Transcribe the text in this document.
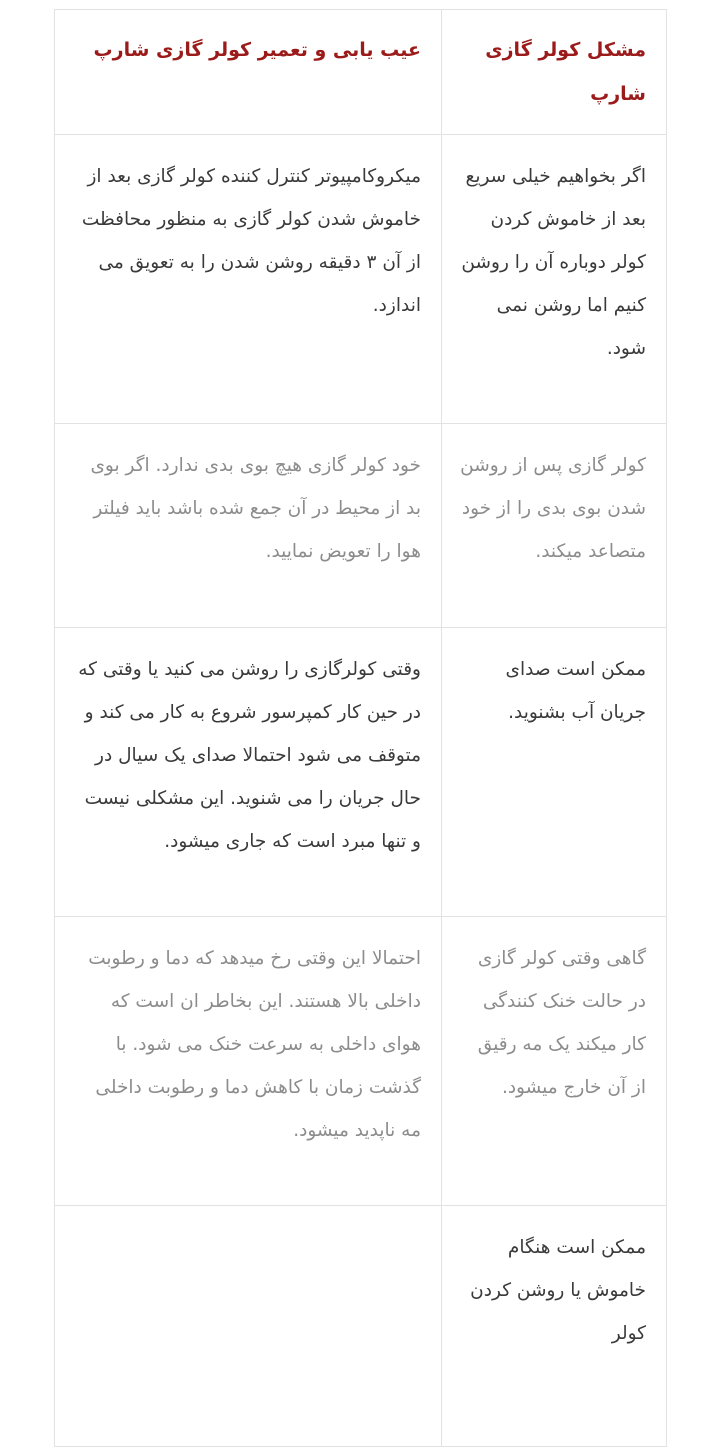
مشکل کولر گازی شارپ	عیب یابی و تعمیر کولر گازی شارپ
اگر بخواهیم خیلی سریع بعد از خاموش کردن کولر دوباره آن را روشن کنیم اما روشن نمی شود.	میکروکامپیوتر کنترل کننده کولر گازی بعد از خاموش شدن کولر گازی به منظور محافظت از آن ۳ دقیقه روشن شدن را به تعویق می اندازد.
کولر گازی پس از روشن شدن بوی بدی را از خود متصاعد میکند.	خود کولر گازی هیچ بوی بدی ندارد. اگر بوی بد از محیط در آن جمع شده باشد باید فیلتر هوا را تعویض نمایید.
ممکن است صدای جریان آب بشنوید.	وقتی کولرگازی را روشن می کنید یا وقتی که در حین کار کمپرسور شروع به کار می کند و متوقف می شود احتمالا صدای یک سیال در حال جریان را می شنوید. این مشکلی نیست و تنها مبرد است که جاری میشود.
گاهی وقتی کولر گازی در حالت خنک کنندگی کار میکند یک مه رقیق از آن خارج میشود.	احتمالا این وقتی رخ میدهد که دما و رطوبت داخلی بالا هستند. این بخاطر ان است که هوای داخلی به سرعت خنک می شود. با گذشت زمان با کاهش دما و رطوبت داخلی مه ناپدید میشود.
ممکن است هنگام خاموش یا روشن کردن کولر	
